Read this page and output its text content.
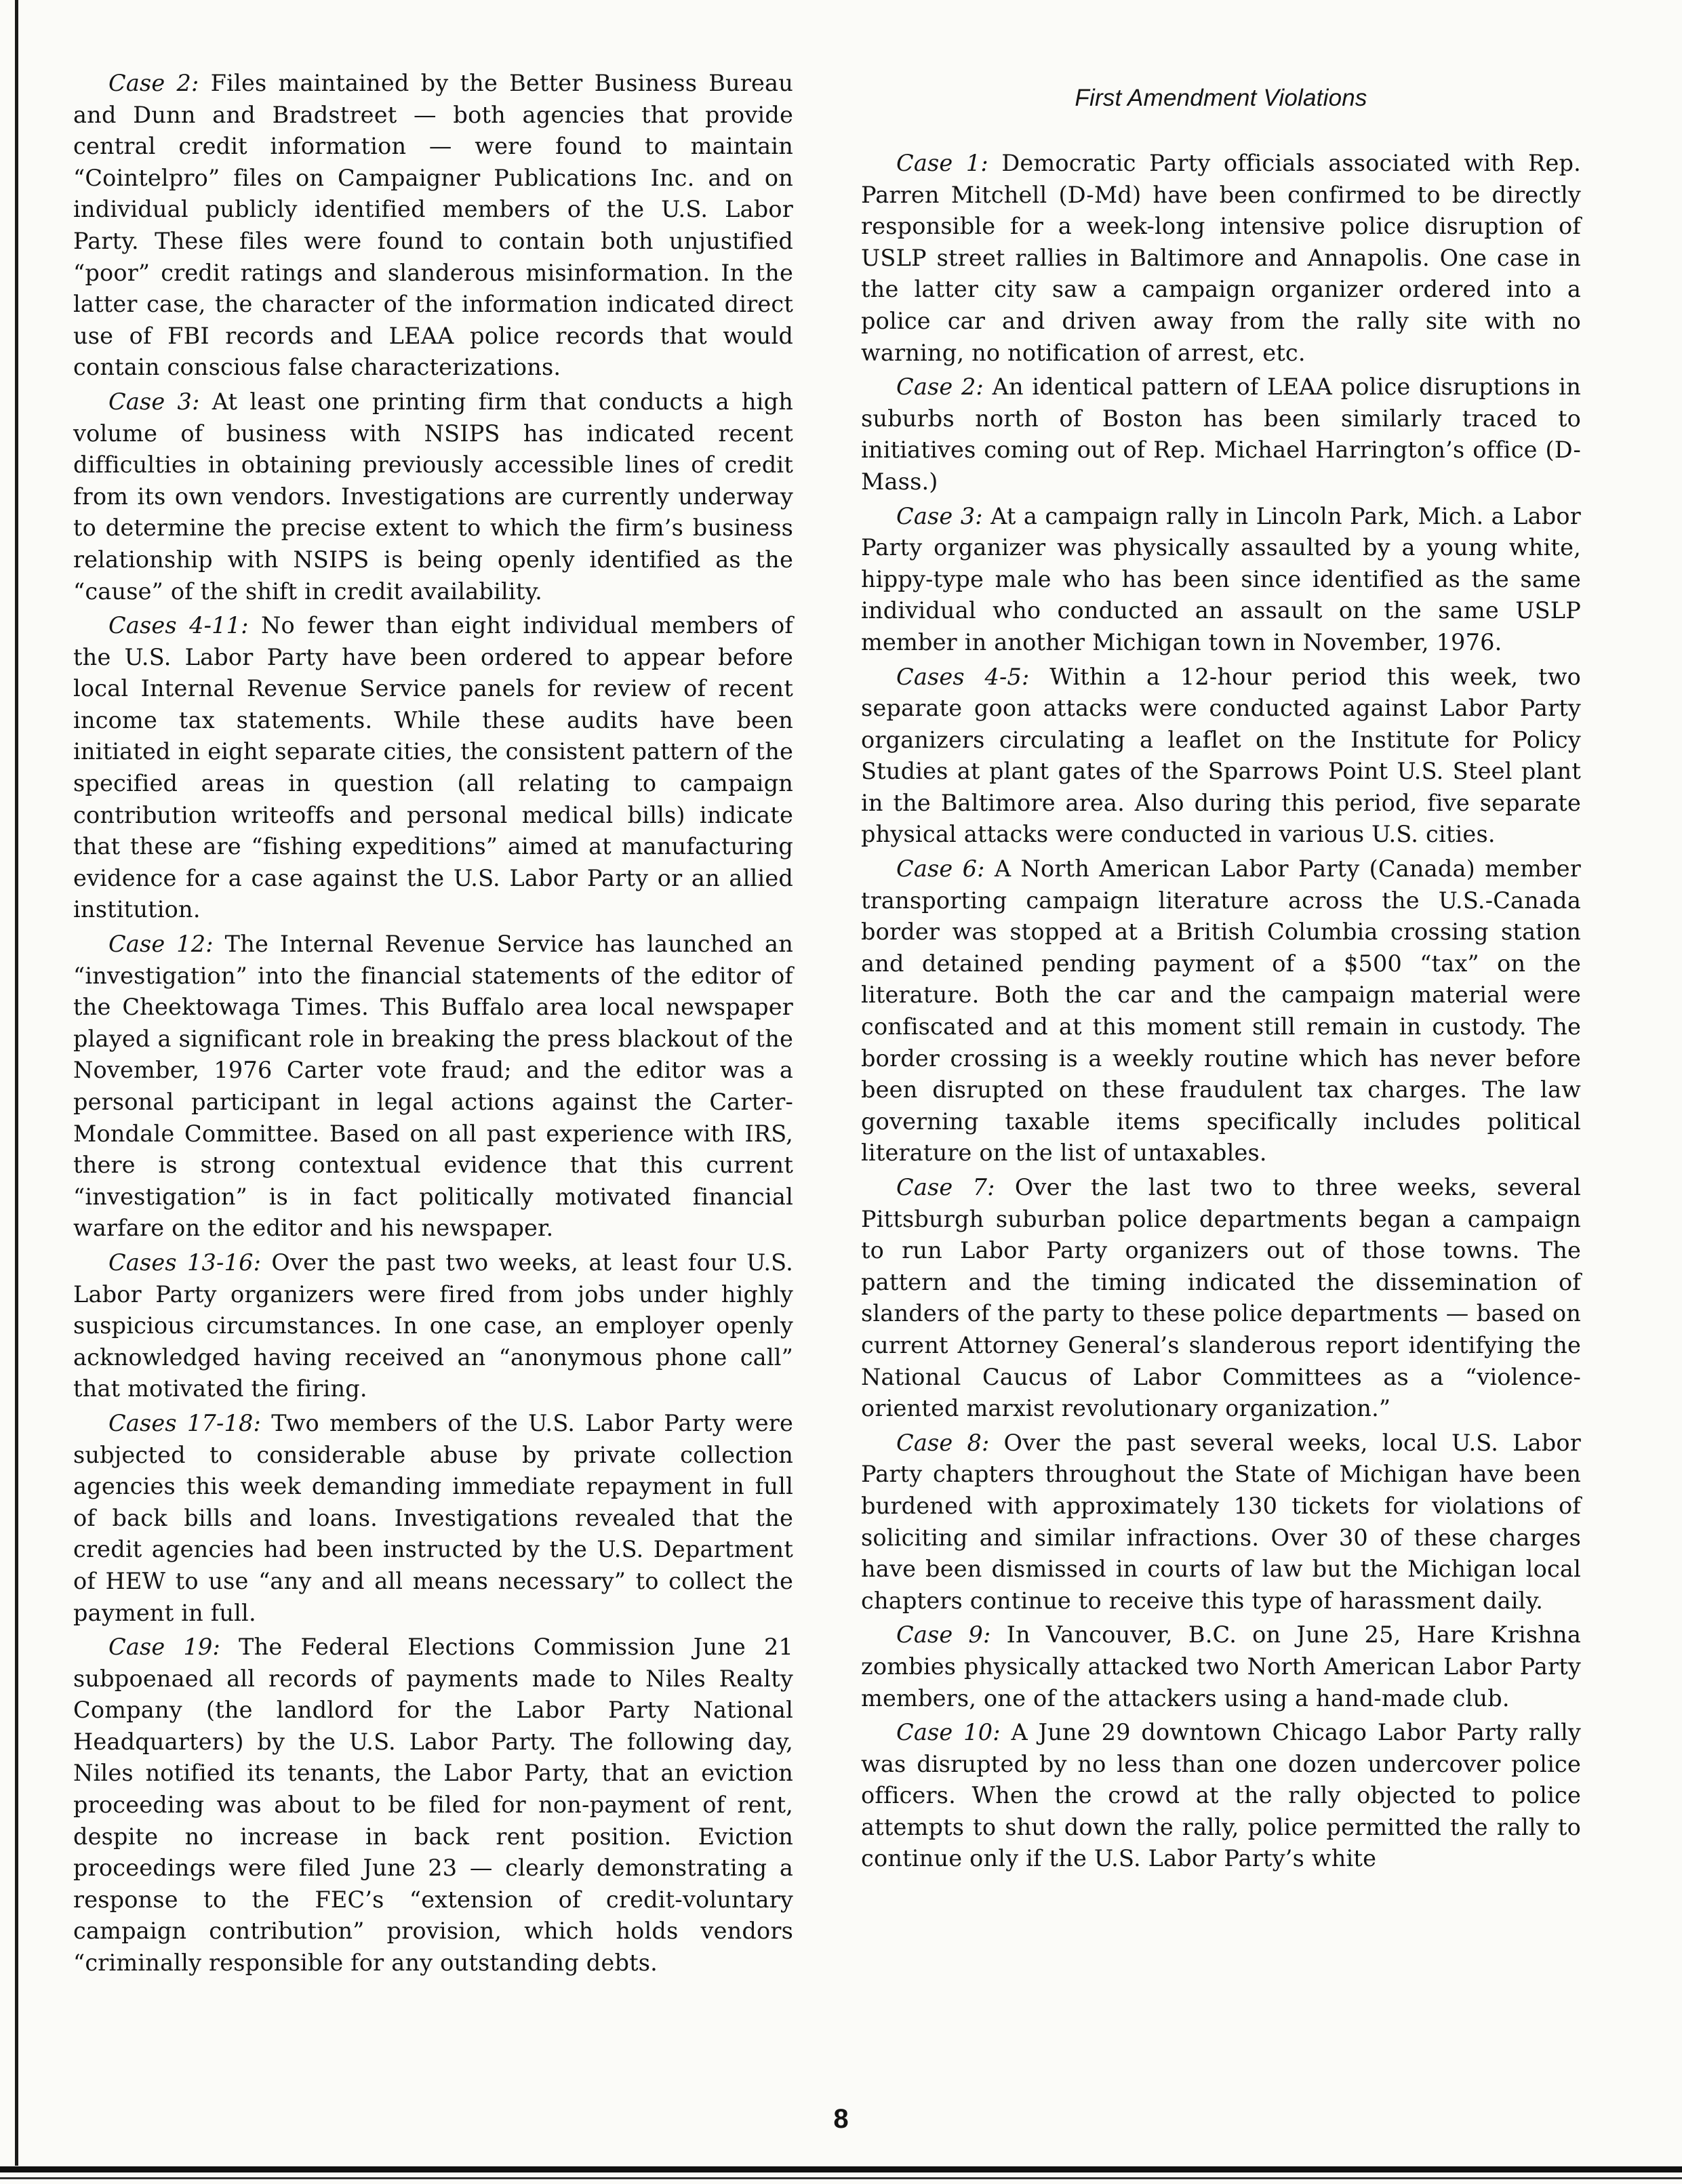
Case 2: Files maintained by the Better Business Bureau and Dunn and Bradstreet — both agencies that provide central credit information — were found to maintain “Cointelpro” files on Campaigner Publications Inc. and on individual publicly identified members of the U.S. Labor Party. These files were found to contain both unjustified “poor” credit ratings and slanderous misinformation. In the latter case, the character of the information indicated direct use of FBI records and LEAA police records that would contain conscious false characterizations.

Case 3: At least one printing firm that conducts a high volume of business with NSIPS has indicated recent difficulties in obtaining previously accessible lines of credit from its own vendors. Investigations are currently underway to determine the precise extent to which the firm’s business relationship with NSIPS is being openly identified as the “cause” of the shift in credit availability.

Cases 4-11: No fewer than eight individual members of the U.S. Labor Party have been ordered to appear before local Internal Revenue Service panels for review of recent income tax statements. While these audits have been initiated in eight separate cities, the consistent pattern of the specified areas in question (all relating to campaign contribution writeoffs and personal medical bills) indicate that these are “fishing expeditions” aimed at manufacturing evidence for a case against the U.S. Labor Party or an allied institution.

Case 12: The Internal Revenue Service has launched an “investigation” into the financial statements of the editor of the Cheektowaga Times. This Buffalo area local newspaper played a significant role in breaking the press blackout of the November, 1976 Carter vote fraud; and the editor was a personal participant in legal actions against the Carter-Mondale Committee. Based on all past experience with IRS, there is strong contextual evidence that this current “investigation” is in fact politically motivated financial warfare on the editor and his newspaper.

Cases 13-16: Over the past two weeks, at least four U.S. Labor Party organizers were fired from jobs under highly suspicious circumstances. In one case, an employer openly acknowledged having received an “anonymous phone call” that motivated the firing.

Cases 17-18: Two members of the U.S. Labor Party were subjected to considerable abuse by private collection agencies this week demanding immediate repayment in full of back bills and loans. Investigations revealed that the credit agencies had been instructed by the U.S. Department of HEW to use “any and all means necessary” to collect the payment in full.

Case 19: The Federal Elections Commission June 21 subpoenaed all records of payments made to Niles Realty Company (the landlord for the Labor Party National Headquarters) by the U.S. Labor Party. The following day, Niles notified its tenants, the Labor Party, that an eviction proceeding was about to be filed for non-payment of rent, despite no increase in back rent position. Eviction proceedings were filed June 23 — clearly demonstrating a response to the FEC’s “extension of credit-voluntary campaign contribution” provision, which holds vendors “criminally responsible for any outstanding debts.

First Amendment Violations

Case 1: Democratic Party officials associated with Rep. Parren Mitchell (D-Md) have been confirmed to be directly responsible for a week-long intensive police disruption of USLP street rallies in Baltimore and Annapolis. One case in the latter city saw a campaign organizer ordered into a police car and driven away from the rally site with no warning, no notification of arrest, etc.

Case 2: An identical pattern of LEAA police disruptions in suburbs north of Boston has been similarly traced to initiatives coming out of Rep. Michael Harrington’s office (D-Mass.)

Case 3: At a campaign rally in Lincoln Park, Mich. a Labor Party organizer was physically assaulted by a young white, hippy-type male who has been since identified as the same individual who conducted an assault on the same USLP member in another Michigan town in November, 1976.

Cases 4-5: Within a 12-hour period this week, two separate goon attacks were conducted against Labor Party organizers circulating a leaflet on the Institute for Policy Studies at plant gates of the Sparrows Point U.S. Steel plant in the Baltimore area. Also during this period, five separate physical attacks were conducted in various U.S. cities.

Case 6: A North American Labor Party (Canada) member transporting campaign literature across the U.S.-Canada border was stopped at a British Columbia crossing station and detained pending payment of a $500 “tax” on the literature. Both the car and the campaign material were confiscated and at this moment still remain in custody. The border crossing is a weekly routine which has never before been disrupted on these fraudulent tax charges. The law governing taxable items specifically includes political literature on the list of untaxables.

Case 7: Over the last two to three weeks, several Pittsburgh suburban police departments began a campaign to run Labor Party organizers out of those towns. The pattern and the timing indicated the dissemination of slanders of the party to these police departments — based on current Attorney General’s slanderous report identifying the National Caucus of Labor Committees as a “violence-oriented marxist revolutionary organization.”

Case 8: Over the past several weeks, local U.S. Labor Party chapters throughout the State of Michigan have been burdened with approximately 130 tickets for violations of soliciting and similar infractions. Over 30 of these charges have been dismissed in courts of law but the Michigan local chapters continue to receive this type of harassment daily.

Case 9: In Vancouver, B.C. on June 25, Hare Krishna zombies physically attacked two North American Labor Party members, one of the attackers using a hand-made club.

Case 10: A June 29 downtown Chicago Labor Party rally was disrupted by no less than one dozen undercover police officers. When the crowd at the rally objected to police attempts to shut down the rally, police permitted the rally to continue only if the U.S. Labor Party’s white

8
